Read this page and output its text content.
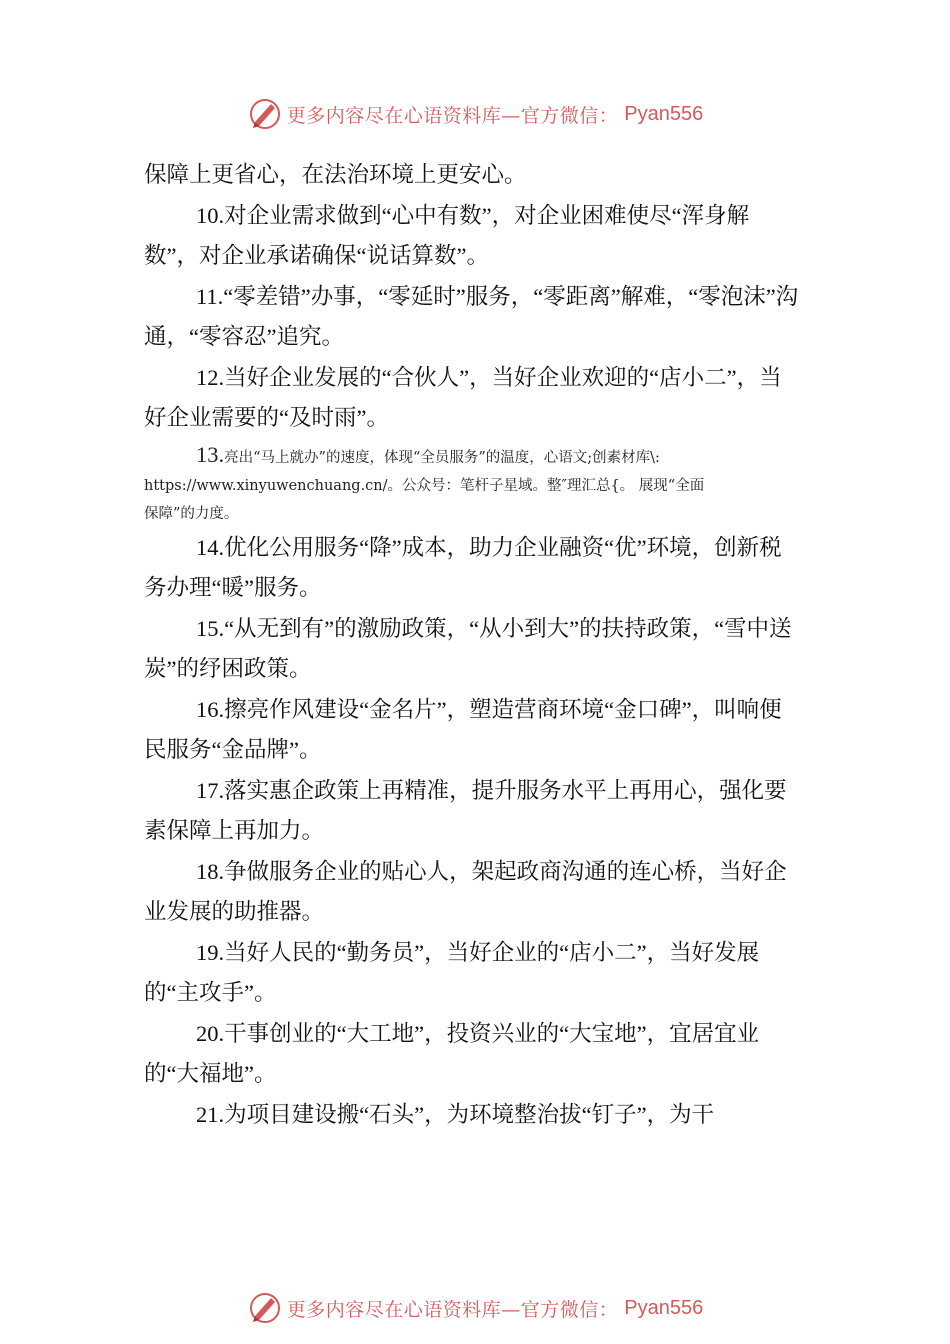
更多内容尽在心语资料库—官方微信： Pyan556

保障上更省心，在法治环境上更安心。

10.对企业需求做到“心中有数”，对企业困难使尽“浑身解数”，对企业承诺确保“说话算数”。

11.“零差错”办事，“零延时”服务，“零距离”解难，“零泡沫”沟通，“零容忍”追究。

12.当好企业发展的“合伙人”，当好企业欢迎的“店小二”，当好企业需要的“及时雨”。

13.亮出“马上就办”的速度，体现“全员服务”的温度，心语文;创素材库\:

https://www.xinyuwenchuang.cn/。公众号：笔杆子星域。整″理汇总{。 展现“全面

保障”的力度。

14.优化公用服务“降”成本，助力企业融资“优”环境，创新税务办理“暖”服务。

15.“从无到有”的激励政策，“从小到大”的扶持政策，“雪中送炭”的纾困政策。

16.擦亮作风建设“金名片”，塑造营商环境“金口碑”，叫响便民服务“金品牌”。

17.落实惠企政策上再精准，提升服务水平上再用心，强化要素保障上再加力。

18.争做服务企业的贴心人，架起政商沟通的连心桥，当好企业发展的助推器。

19.当好人民的“勤务员”，当好企业的“店小二”，当好发展的“主攻手”。

20.干事创业的“大工地”，投资兴业的“大宝地”，宜居宜业的“大福地”。

21.为项目建设搬“石头”，为环境整治拔“钉子”，为干

更多内容尽在心语资料库—官方微信： Pyan556
